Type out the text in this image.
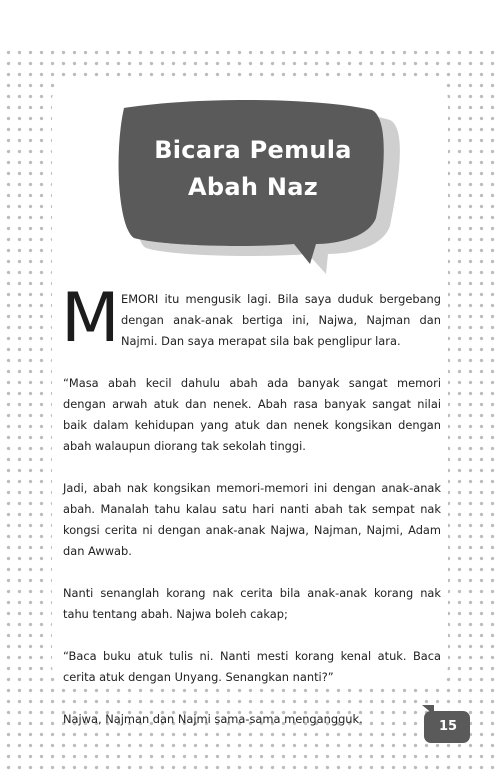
Bicara Pemula
Abah Naz

M EMORI itu mengusik lagi. Bila saya duduk bergebang dengan anak-anak bertiga ini, Najwa, Najman dan Najmi. Dan saya merapat sila bak penglipur lara.

“Masa abah kecil dahulu abah ada banyak sangat memori dengan arwah atuk dan nenek. Abah rasa banyak sangat nilai baik dalam kehidupan yang atuk dan nenek kongsikan dengan abah walaupun diorang tak sekolah tinggi.

Jadi, abah nak kongsikan memori-memori ini dengan anak-anak abah. Manalah tahu kalau satu hari nanti abah tak sempat nak kongsi cerita ni dengan anak-anak Najwa, Najman, Najmi, Adam dan Awwab.

Nanti senanglah korang nak cerita bila anak-anak korang nak tahu tentang abah. Najwa boleh cakap;

“Baca buku atuk tulis ni. Nanti mesti korang kenal atuk. Baca cerita atuk dengan Unyang. Senangkan nanti?”

Najwa, Najman dan Najmi sama-sama mengangguk.	15
